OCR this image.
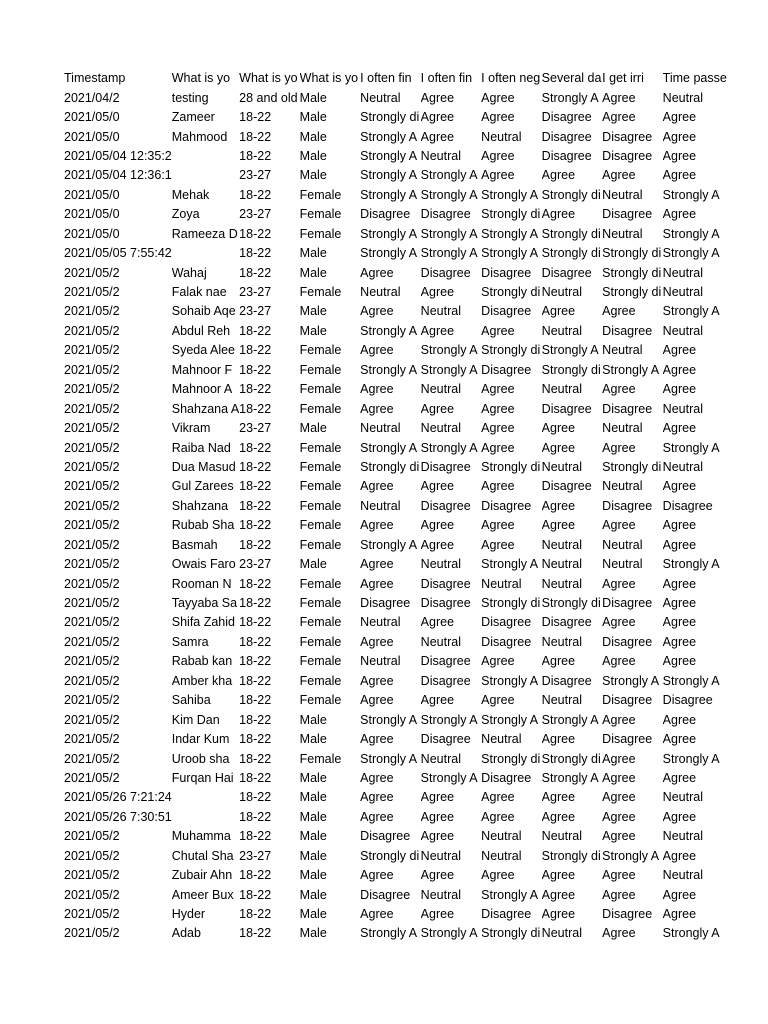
Timestamp	What is yo	What is yo	What is yo	I often fin	I often fin	I often neg	Several da	I get irri	Time passe
2021/04/2	testing	28 and old	Male	Neutral	Agree	Agree	Strongly A	Agree	Neutral
2021/05/0	Zameer	18-22	Male	Strongly di	Agree	Agree	Disagree	Agree	Agree
2021/05/0	Mahmood	18-22	Male	Strongly A	Agree	Neutral	Disagree	Disagree	Agree
2021/05/04 12:35:2		18-22	Male	Strongly A	Neutral	Agree	Disagree	Disagree	Agree
2021/05/04 12:36:1		23-27	Male	Strongly A	Strongly A	Agree	Agree	Agree	Agree
2021/05/0	Mehak	18-22	Female	Strongly A	Strongly A	Strongly A	Strongly di	Neutral	Strongly A
2021/05/0	Zoya	23-27	Female	Disagree	Disagree	Strongly di	Agree	Disagree	Agree
2021/05/0	Rameeza D	18-22	Female	Strongly A	Strongly A	Strongly A	Strongly di	Neutral	Strongly A
2021/05/05 7:55:42		18-22	Male	Strongly A	Strongly A	Strongly A	Strongly di	Strongly di	Strongly A
2021/05/2	Wahaj	18-22	Male	Agree	Disagree	Disagree	Disagree	Strongly di	Neutral
2021/05/2	Falak nae	23-27	Female	Neutral	Agree	Strongly di	Neutral	Strongly di	Neutral
2021/05/2	Sohaib Aqe	23-27	Male	Agree	Neutral	Disagree	Agree	Agree	Strongly A
2021/05/2	Abdul Reh	18-22	Male	Strongly A	Agree	Agree	Neutral	Disagree	Neutral
2021/05/2	Syeda Alee	18-22	Female	Agree	Strongly A	Strongly di	Strongly A	Neutral	Agree
2021/05/2	Mahnoor F	18-22	Female	Strongly A	Strongly A	Disagree	Strongly di	Strongly A	Agree
2021/05/2	Mahnoor A	18-22	Female	Agree	Neutral	Agree	Neutral	Agree	Agree
2021/05/2	Shahzana A	18-22	Female	Agree	Agree	Agree	Disagree	Disagree	Neutral
2021/05/2	Vikram	23-27	Male	Neutral	Neutral	Agree	Agree	Neutral	Agree
2021/05/2	Raiba Nad	18-22	Female	Strongly A	Strongly A	Agree	Agree	Agree	Strongly A
2021/05/2	Dua Masud	18-22	Female	Strongly di	Disagree	Strongly di	Neutral	Strongly di	Neutral
2021/05/2	Gul Zarees	18-22	Female	Agree	Agree	Agree	Disagree	Neutral	Agree
2021/05/2	Shahzana	18-22	Female	Neutral	Disagree	Disagree	Agree	Disagree	Disagree
2021/05/2	Rubab Sha	18-22	Female	Agree	Agree	Agree	Agree	Agree	Agree
2021/05/2	Basmah	18-22	Female	Strongly A	Agree	Agree	Neutral	Neutral	Agree
2021/05/2	Owais Faro	23-27	Male	Agree	Neutral	Strongly A	Neutral	Neutral	Strongly A
2021/05/2	Rooman N	18-22	Female	Agree	Disagree	Neutral	Neutral	Agree	Agree
2021/05/2	Tayyaba Sa	18-22	Female	Disagree	Disagree	Strongly di	Strongly di	Disagree	Agree
2021/05/2	Shifa Zahid	18-22	Female	Neutral	Agree	Disagree	Disagree	Agree	Agree
2021/05/2	Samra	18-22	Female	Agree	Neutral	Disagree	Neutral	Disagree	Agree
2021/05/2	Rabab kan	18-22	Female	Neutral	Disagree	Agree	Agree	Agree	Agree
2021/05/2	Amber kha	18-22	Female	Agree	Disagree	Strongly A	Disagree	Strongly A	Strongly A
2021/05/2	Sahiba	18-22	Female	Agree	Agree	Agree	Neutral	Disagree	Disagree
2021/05/2	Kim Dan	18-22	Male	Strongly A	Strongly A	Strongly A	Strongly A	Agree	Agree
2021/05/2	Indar Kum	18-22	Male	Agree	Disagree	Neutral	Agree	Disagree	Agree
2021/05/2	Uroob sha	18-22	Female	Strongly A	Neutral	Strongly di	Strongly di	Agree	Strongly A
2021/05/2	Furqan Hai	18-22	Male	Agree	Strongly A	Disagree	Strongly A	Agree	Agree
2021/05/26 7:21:24		18-22	Male	Agree	Agree	Agree	Agree	Agree	Neutral
2021/05/26 7:30:51		18-22	Male	Agree	Agree	Agree	Agree	Agree	Agree
2021/05/2	Muhamma	18-22	Male	Disagree	Agree	Neutral	Neutral	Agree	Neutral
2021/05/2	Chutal Sha	23-27	Male	Strongly di	Neutral	Neutral	Strongly di	Strongly A	Agree
2021/05/2	Zubair Ahn	18-22	Male	Agree	Agree	Agree	Agree	Agree	Neutral
2021/05/2	Ameer Bux	18-22	Male	Disagree	Neutral	Strongly A	Agree	Agree	Agree
2021/05/2	Hyder	18-22	Male	Agree	Agree	Disagree	Agree	Disagree	Agree
2021/05/2	Adab	18-22	Male	Strongly A	Strongly A	Strongly di	Neutral	Agree	Strongly A
